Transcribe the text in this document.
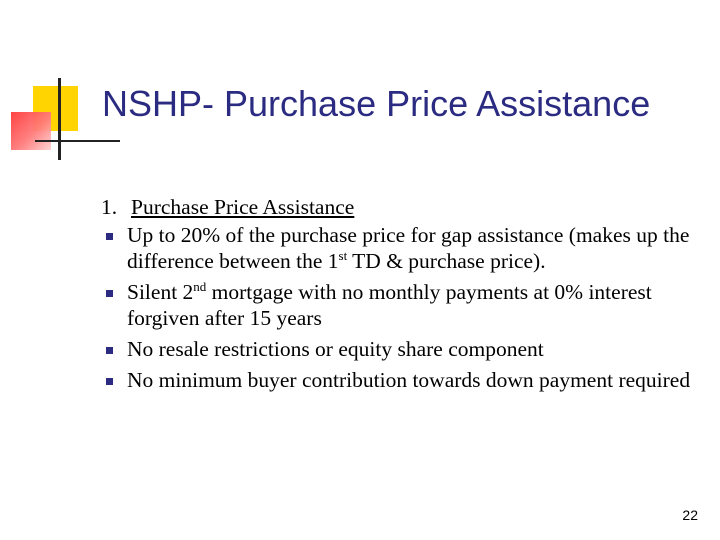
NSHP- Purchase Price Assistance
1. Purchase Price Assistance
Up to 20% of the purchase price for gap assistance (makes up the difference between the 1st TD & purchase price).
Silent 2nd mortgage with no monthly payments at 0% interest forgiven after 15 years
No resale restrictions or equity share component
No minimum buyer contribution towards down payment required
22
